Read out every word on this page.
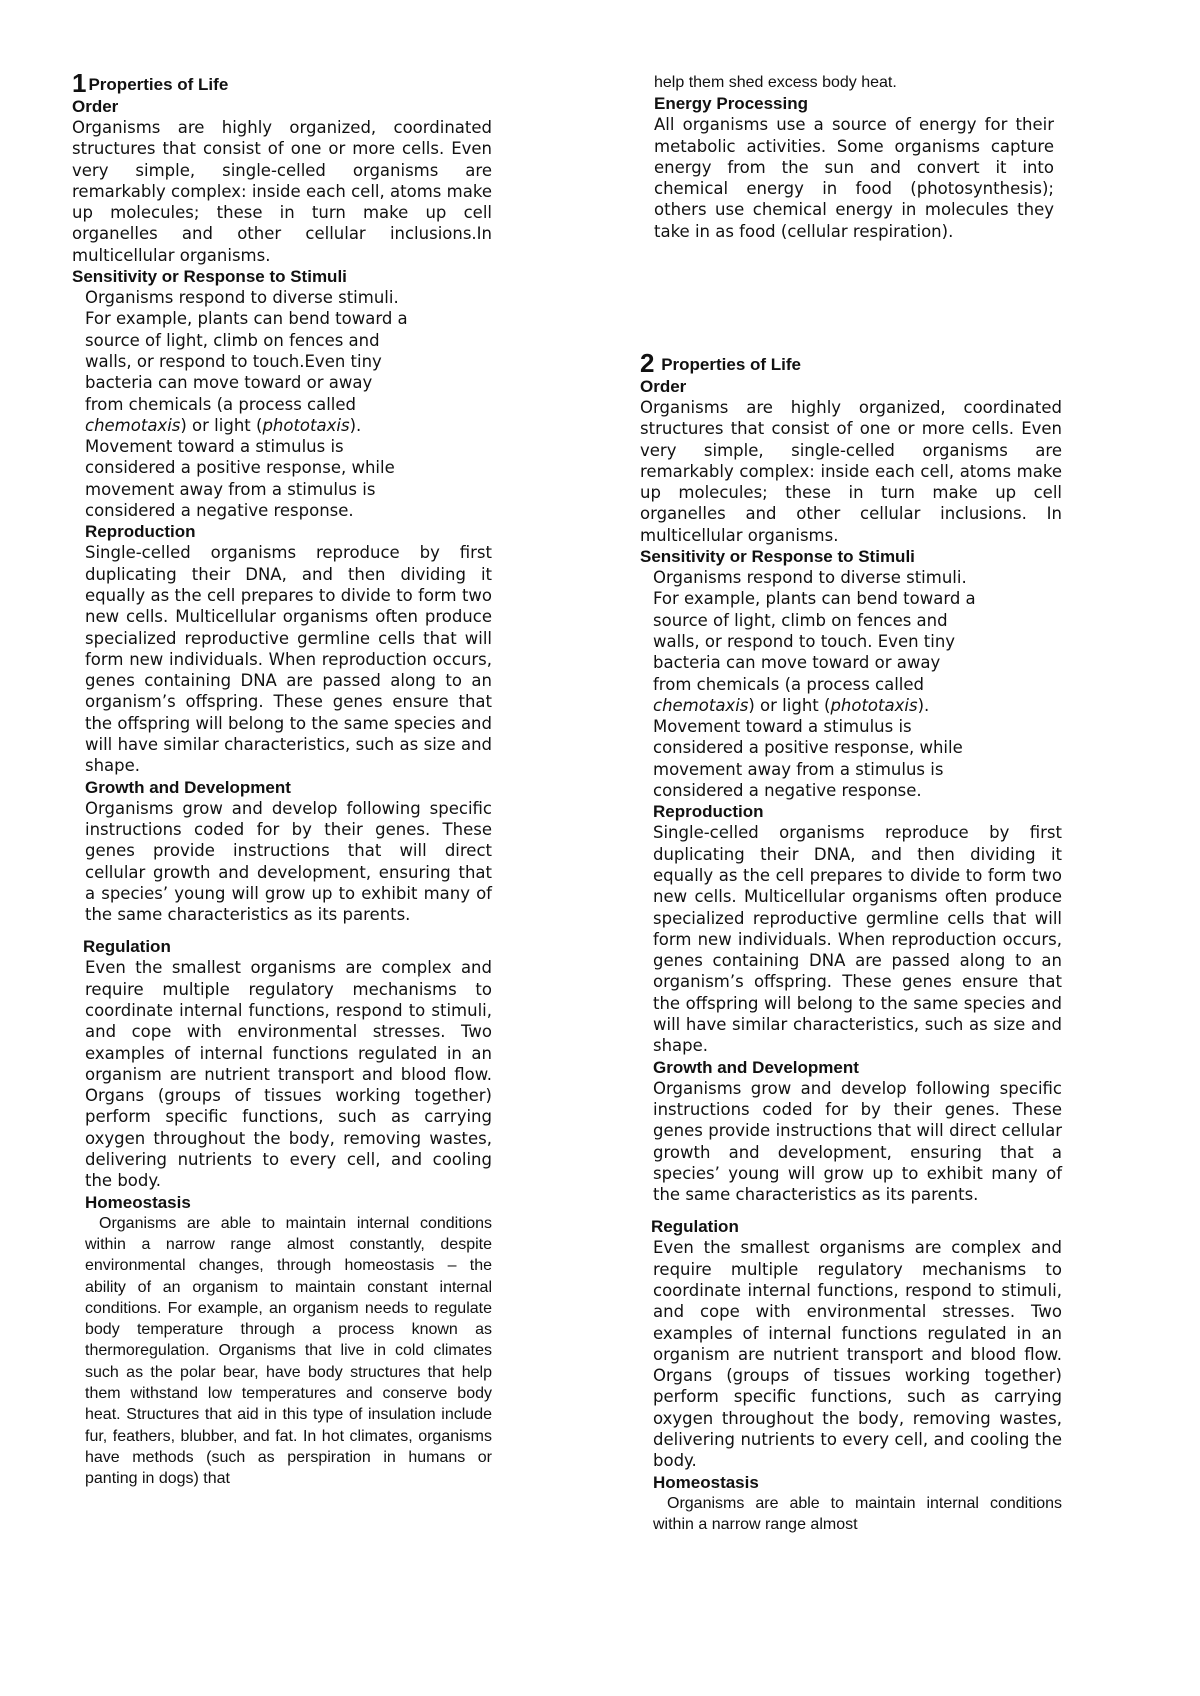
1 Properties of Life

Order

Organisms are highly organized, coordinated structures that consist of one or more cells. Even very simple, single-celled organisms are remarkably complex: inside each cell, atoms make up molecules; these in turn make up cell organelles and other cellular inclusions.In multicellular organisms.

Sensitivity or Response to Stimuli

Organisms respond to diverse stimuli.

For example, plants can bend toward a

source of light, climb on fences and

walls, or respond to touch.Even tiny

bacteria can move toward or away

from chemicals (a process called

chemotaxis) or light (phototaxis).

Movement toward a stimulus is

considered a positive response, while

movement away from a stimulus is

considered a negative response.

Reproduction

Single-celled organisms reproduce by first duplicating their DNA, and then dividing it equally as the cell prepares to divide to form two new cells. Multicellular organisms often produce specialized reproductive germline cells that will form new individuals. When reproduction occurs, genes containing DNA are passed along to an organism’s offspring. These genes ensure that the offspring will belong to the same species and will have similar characteristics, such as size and shape.

Growth and Development

Organisms grow and develop following specific instructions coded for by their genes. These genes provide instructions that will direct cellular growth and development, ensuring that a species’ young will grow up to exhibit many of the same characteristics as its parents.

Regulation

Even the smallest organisms are complex and require multiple regulatory mechanisms to coordinate internal functions, respond to stimuli, and cope with environmental stresses. Two examples of internal functions regulated in an organism are nutrient transport and blood flow. Organs (groups of tissues working together) perform specific functions, such as carrying oxygen throughout the body, removing wastes, delivering nutrients to every cell, and cooling the body.

Homeostasis

Organisms are able to maintain internal conditions within a narrow range almost constantly, despite environmental changes, through homeostasis – the ability of an organism to maintain constant internal conditions. For example, an organism needs to regulate body temperature through a process known as thermoregulation. Organisms that live in cold climates such as the polar bear, have body structures that help them withstand low temperatures and conserve body heat. Structures that aid in this type of insulation include fur, feathers, blubber, and fat. In hot climates, organisms have methods (such as perspiration in humans or panting in dogs) that

help them shed excess body heat.

Energy Processing

All organisms use a source of energy for their metabolic activities. Some organisms capture energy from the sun and convert it into chemical energy in food (photosynthesis); others use chemical energy in molecules they take in as food (cellular respiration).

2 Properties of Life

Order

Organisms are highly organized, coordinated structures that consist of one or more cells. Even very simple, single-celled organisms are remarkably complex: inside each cell, atoms make up molecules; these in turn make up cell organelles and other cellular inclusions. In multicellular organisms.

Sensitivity or Response to Stimuli

Organisms respond to diverse stimuli.

For example, plants can bend toward a

source of light, climb on fences and

walls, or respond to touch. Even tiny

bacteria can move toward or away

from chemicals (a process called

chemotaxis) or light (phototaxis).

Movement toward a stimulus is

considered a positive response, while

movement away from a stimulus is

considered a negative response.

Reproduction

Single-celled organisms reproduce by first duplicating their DNA, and then dividing it equally as the cell prepares to divide to form two new cells. Multicellular organisms often produce specialized reproductive germline cells that will form new individuals. When reproduction occurs, genes containing DNA are passed along to an organism’s offspring. These genes ensure that the offspring will belong to the same species and will have similar characteristics, such as size and shape.

Growth and Development

Organisms grow and develop following specific instructions coded for by their genes. These genes provide instructions that will direct cellular growth and development, ensuring that a species’ young will grow up to exhibit many of the same characteristics as its parents.

Regulation

Even the smallest organisms are complex and require multiple regulatory mechanisms to coordinate internal functions, respond to stimuli, and cope with environmental stresses. Two examples of internal functions regulated in an organism are nutrient transport and blood flow. Organs (groups of tissues working together) perform specific functions, such as carrying oxygen throughout the body, removing wastes, delivering nutrients to every cell, and cooling the body.

Homeostasis

Organisms are able to maintain internal conditions within a narrow range almost
